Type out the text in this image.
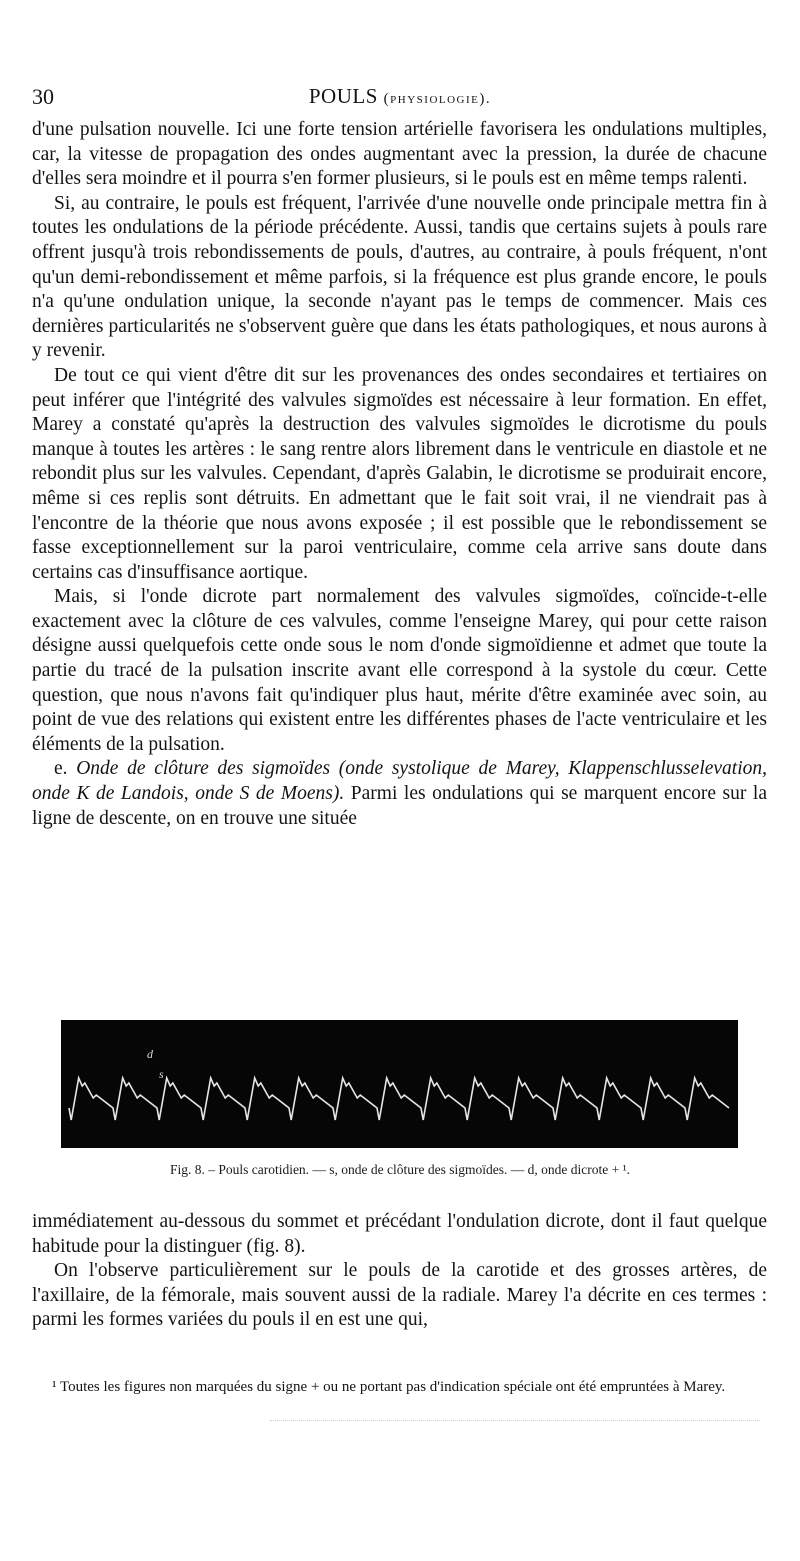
30	POULS (physiologie).

d'une pulsation nouvelle. Ici une forte tension artérielle favorisera les ondulations multiples, car, la vitesse de propagation des ondes augmentant avec la pression, la durée de chacune d'elles sera moindre et il pourra s'en former plusieurs, si le pouls est en même temps ralenti.

Si, au contraire, le pouls est fréquent, l'arrivée d'une nouvelle onde principale mettra fin à toutes les ondulations de la période précédente. Aussi, tandis que certains sujets à pouls rare offrent jusqu'à trois rebondissements de pouls, d'autres, au contraire, à pouls fréquent, n'ont qu'un demi-rebondissement et même parfois, si la fréquence est plus grande encore, le pouls n'a qu'une ondulation unique, la seconde n'ayant pas le temps de commencer. Mais ces dernières particularités ne s'observent guère que dans les états pathologiques, et nous aurons à y revenir.

De tout ce qui vient d'être dit sur les provenances des ondes secondaires et tertiaires on peut inférer que l'intégrité des valvules sigmoïdes est nécessaire à leur formation. En effet, Marey a constaté qu'après la destruction des valvules sigmoïdes le dicrotisme du pouls manque à toutes les artères : le sang rentre alors librement dans le ventricule en diastole et ne rebondit plus sur les valvules. Cependant, d'après Galabin, le dicrotisme se produirait encore, même si ces replis sont détruits. En admettant que le fait soit vrai, il ne viendrait pas à l'encontre de la théorie que nous avons exposée ; il est possible que le rebondissement se fasse exceptionnellement sur la paroi ventriculaire, comme cela arrive sans doute dans certains cas d'insuffisance aortique.

Mais, si l'onde dicrote part normalement des valvules sigmoïdes, coïncide-t-elle exactement avec la clôture de ces valvules, comme l'enseigne Marey, qui pour cette raison désigne aussi quelquefois cette onde sous le nom d'onde sigmoïdienne et admet que toute la partie du tracé de la pulsation inscrite avant elle correspond à la systole du cœur. Cette question, que nous n'avons fait qu'indiquer plus haut, mérite d'être examinée avec soin, au point de vue des relations qui existent entre les différentes phases de l'acte ventriculaire et les éléments de la pulsation.

e. Onde de clôture des sigmoïdes (onde systolique de Marey, Klappenschlusselevation, onde K de Landois, onde S de Moens). Parmi les ondulations qui se marquent encore sur la ligne de descente, on en trouve une située

d
s
Fig. 8. – Pouls carotidien. — s, onde de clôture des sigmoïdes. — d, onde dicrote + ¹.

immédiatement au-dessous du sommet et précédant l'ondulation dicrote, dont il faut quelque habitude pour la distinguer (fig. 8).

On l'observe particulièrement sur le pouls de la carotide et des grosses artères, de l'axillaire, de la fémorale, mais souvent aussi de la radiale. Marey l'a décrite en ces termes : parmi les formes variées du pouls il en est une qui,

¹ Toutes les figures non marquées du signe + ou ne portant pas d'indication spéciale ont été empruntées à Marey.
